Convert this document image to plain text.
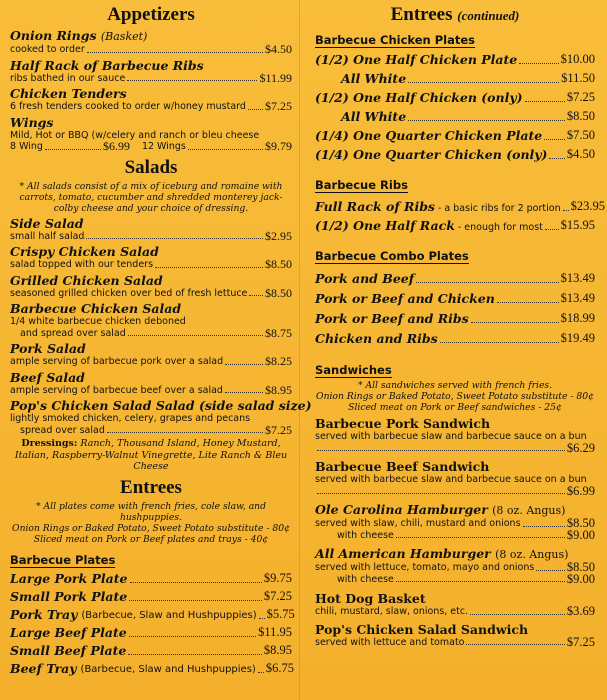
Appetizers
Onion Rings (Basket)
cooked to order	$4.50
Half Rack of Barbecue Ribs
ribs bathed in our sauce	$11.99
Chicken Tenders
6 fresh tenders cooked to order w/honey mustard $7.25
Wings
Mild, Hot or BBQ (w/celery and ranch or bleu cheese
8 Wing	$6.99 12 Wings	$9.79
Salads
* All salads consist of a mix of iceburg and romaine with carrots, tomato, cucumber and shredded monterey jack-colby cheese and your choice of dressing.
Side Salad
small half salad	$2.95
Crispy Chicken Salad
salad topped with our tenders	$8.50
Grilled Chicken Salad
seasoned grilled chicken over bed of fresh lettuce $8.50
Barbecue Chicken Salad
1/4 white barbecue chicken deboned
and spread over salad	$8.75
Pork Salad
ample serving of barbecue pork over a salad	$8.25
Beef Salad
ample serving of barbecue beef over a salad	$8.95
Pop's Chicken Salad Salad (side salad size)
lightly smoked chicken, celery, grapes and pecans
spread over salad	$7.25
Dressings: Ranch, Thousand Island, Honey Mustard, Italian, Raspberry-Walnut Vinegrette, Lite Ranch & Bleu Cheese
Entrees
* All plates come with french fries, cole slaw, and hushpuppies.
Onion Rings or Baked Potato, Sweet Potato substitute - 80¢
Sliced meat on Pork or Beef plates and trays - 40¢
Barbecue Plates
Large Pork Plate	$9.75
Small Pork Plate	$7.25
Pork Tray (Barbecue, Slaw and Hushpuppies) $5.75
Large Beef Plate	$11.95
Small Beef Plate	$8.95
Beef Tray (Barbecue, Slaw and Hushpuppies) $6.75
Entrees (continued)
Barbecue Chicken Plates
(1/2) One Half Chicken Plate	$10.00
All White	$11.50
(1/2) One Half Chicken (only)	$7.25
All White	$8.50
(1/4) One Quarter Chicken Plate $7.50
(1/4) One Quarter Chicken (only) $4.50
Barbecue Ribs
Full Rack of Ribs - a basic ribs for 2 portion $23.95
(1/2) One Half Rack - enough for most $15.95
Barbecue Combo Plates
Pork and Beef	$13.49
Pork or Beef and Chicken	$13.49
Pork or Beef and Ribs	$18.99
Chicken and Ribs	$19.49
Sandwiches
* All sandwiches served with french fries.
Onion Rings or Baked Potato, Sweet Potato substitute - 80¢
Sliced meat on Pork or Beef sandwiches - 25¢
Barbecue Pork Sandwich
served with barbecue slaw and barbecue sauce on a bun
$6.29
Barbecue Beef Sandwich
served with barbecue slaw and barbecue sauce on a bun
$6.99
Ole Carolina Hamburger (8 oz. Angus)
served with slaw, chili, mustard and onions	$8.50
with cheese	$9.00
All American Hamburger (8 oz. Angus)
served with lettuce, tomato, mayo and onions	$8.50
with cheese	$9.00
Hot Dog Basket
chili, mustard, slaw, onions, etc.	$3.69
Pop's Chicken Salad Sandwich
served with lettuce and tomato	$7.25
